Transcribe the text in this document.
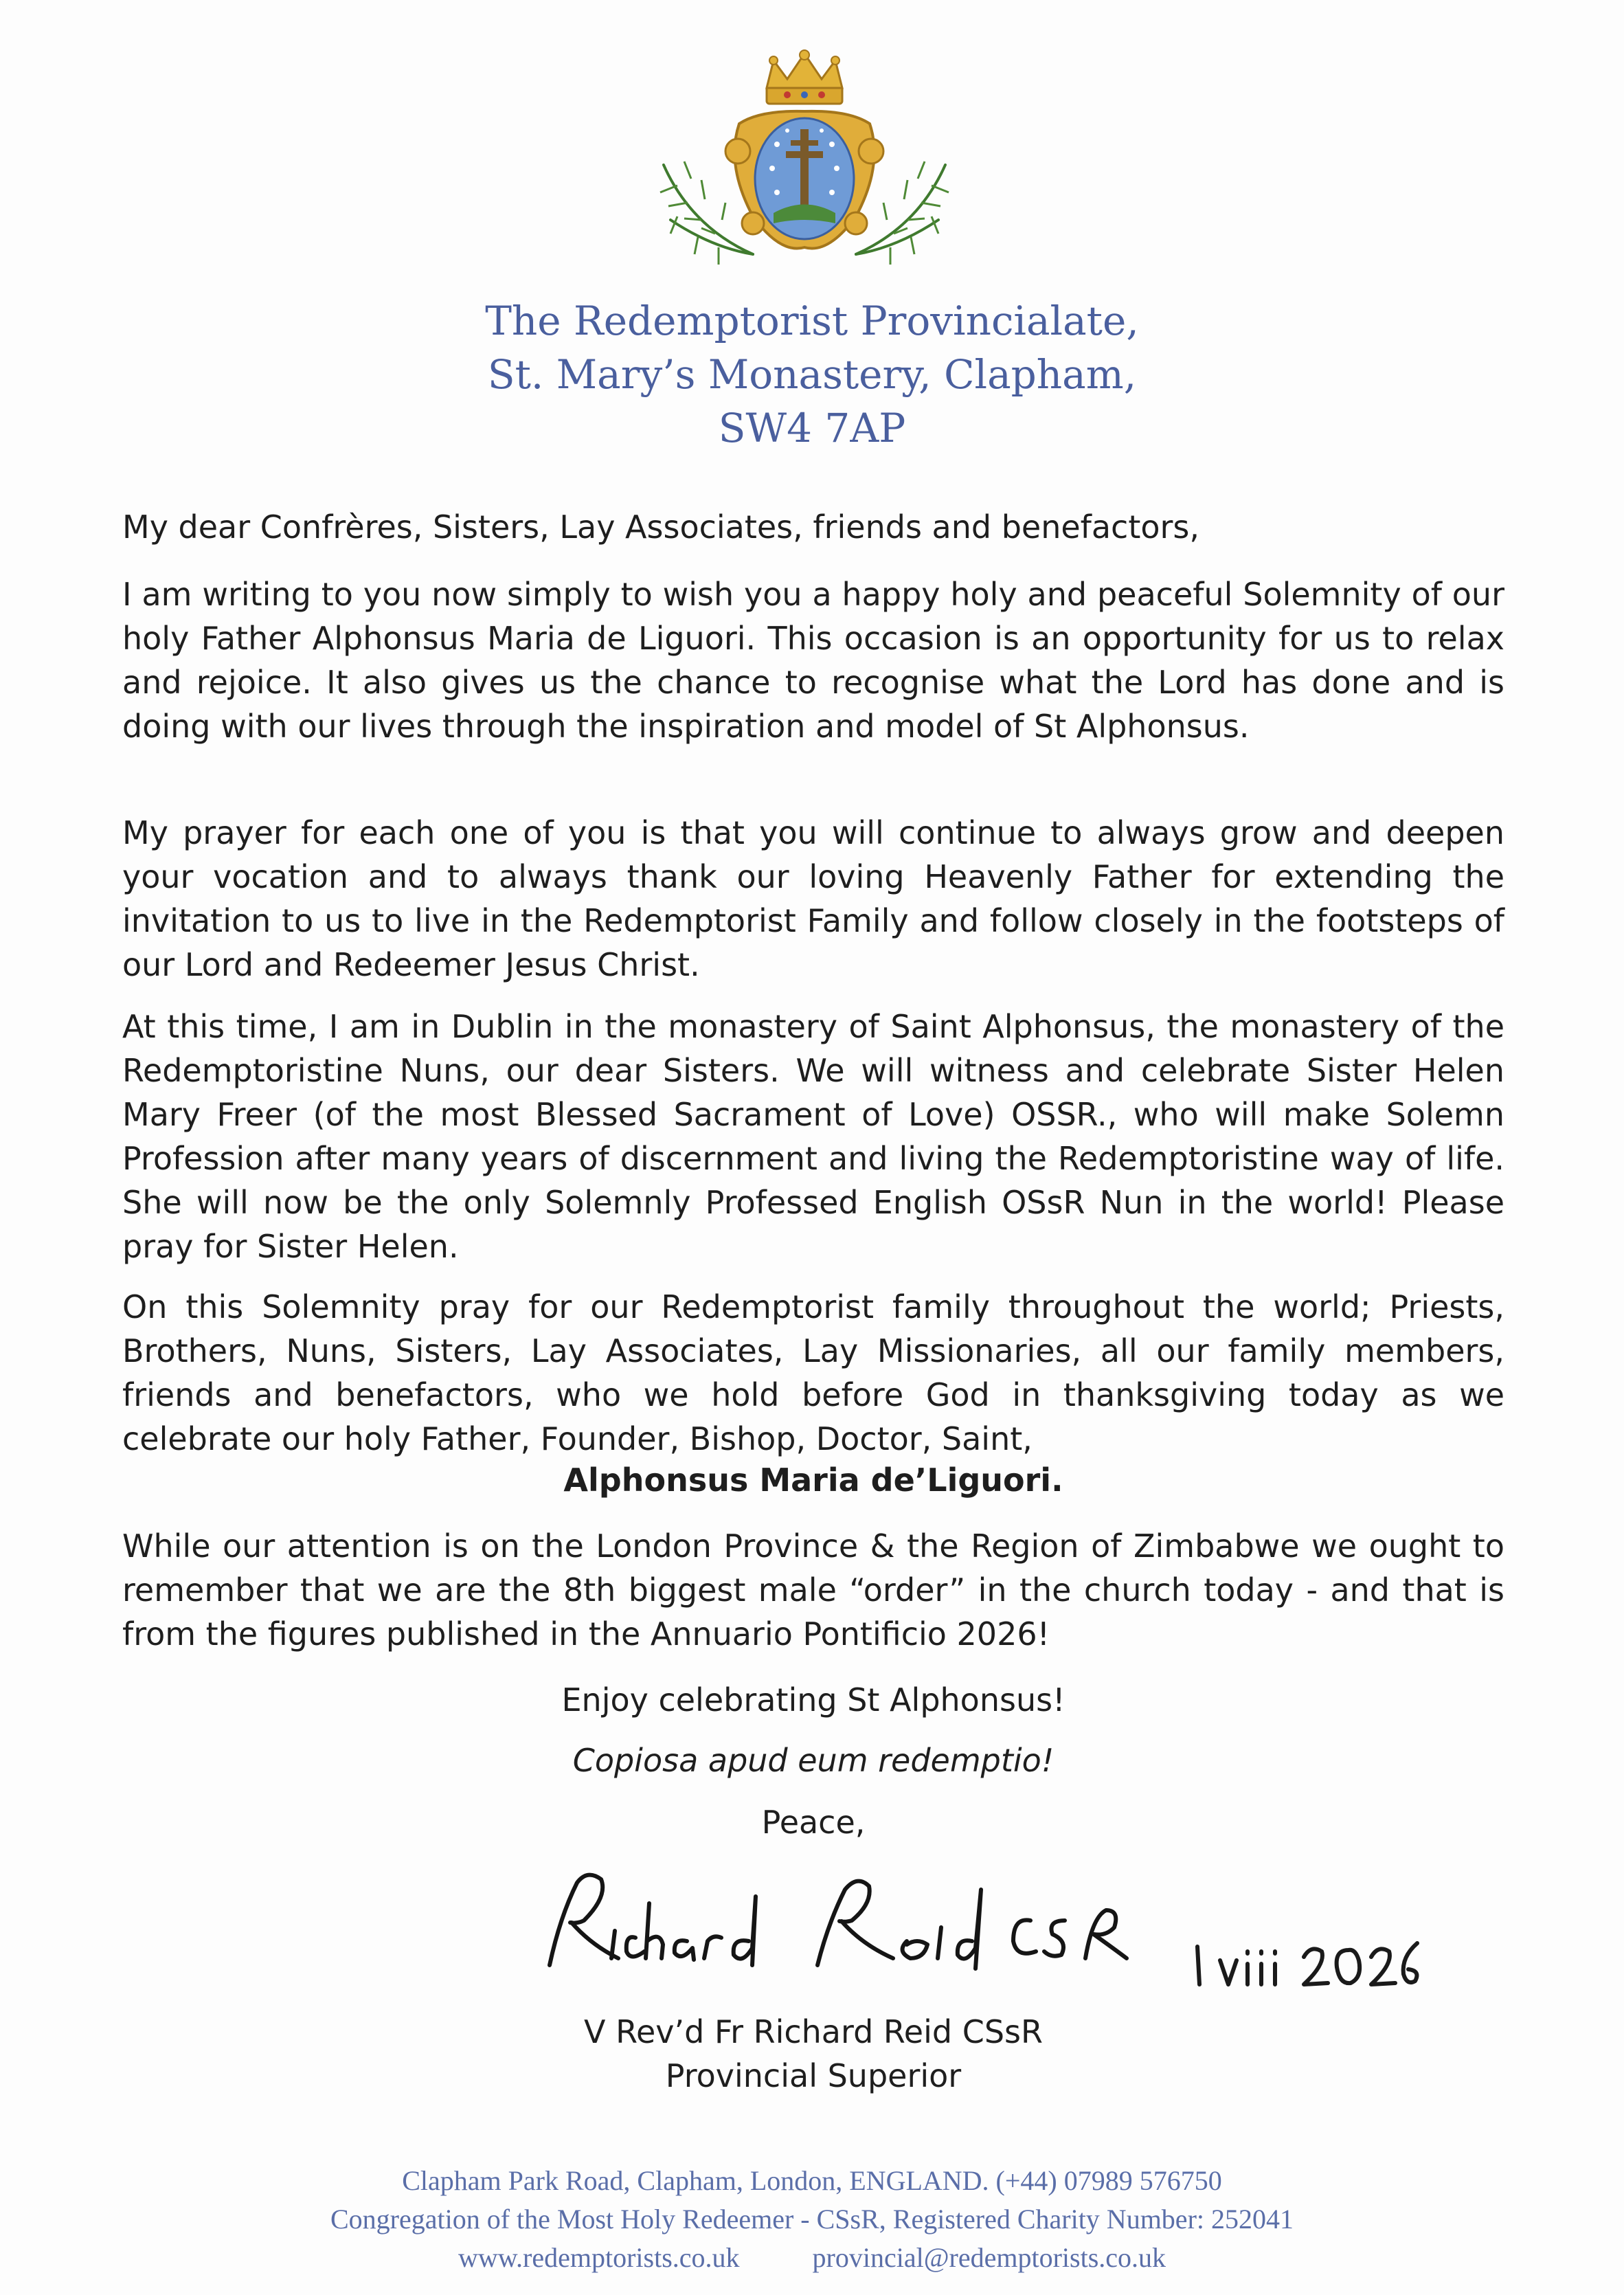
The Redemptorist Provincialate,
St. Mary’s Monastery, Clapham,
SW4 7AP
My dear Confrères, Sisters, Lay Associates, friends and benefactors,
I am writing to you now simply to wish you a happy holy and peaceful Solemnity of our holy Father Alphonsus Maria de Liguori. This occasion is an opportunity for us to relax and rejoice. It also gives us the chance to recognise what the Lord has done and is doing with our lives through the inspiration and model of St Alphonsus.
My prayer for each one of you is that you will continue to always grow and deepen your vocation and to always thank our loving Heavenly Father for extending the invitation to us to live in the Redemptorist Family and follow closely in the footsteps of our Lord and Redeemer Jesus Christ.
At this time, I am in Dublin in the monastery of Saint Alphonsus, the monastery of the Redemptoristine Nuns, our dear Sisters. We will witness and celebrate Sister Helen Mary Freer (of the most Blessed Sacrament of Love) OSSR., who will make Solemn Profession after many years of discernment and living the Redemptoristine way of life. She will now be the only Solemnly Professed English OSsR Nun in the world! Please pray for Sister Helen.
On this Solemnity pray for our Redemptorist family throughout the world; Priests, Brothers, Nuns, Sisters, Lay Associates, Lay Missionaries, all our family members, friends and benefactors, who we hold before God in thanksgiving today as we celebrate our holy Father, Founder, Bishop, Doctor, Saint,
Alphonsus Maria de’Liguori.
While our attention is on the London Province & the Region of Zimbabwe we ought to remember that we are the 8th biggest male “order” in the church today - and that is from the figures published in the Annuario Pontificio 2026!
Enjoy celebrating St Alphonsus!
Copiosa apud eum redemptio!
Peace,
V Rev’d Fr Richard Reid CSsR
Provincial Superior
Clapham Park Road, Clapham, London, ENGLAND. (+44) 07989 576750
Congregation of the Most Holy Redeemer - CSsR, Registered Charity Number: 252041
www.redemptorists.co.uk	provincial@redemptorists.co.uk
